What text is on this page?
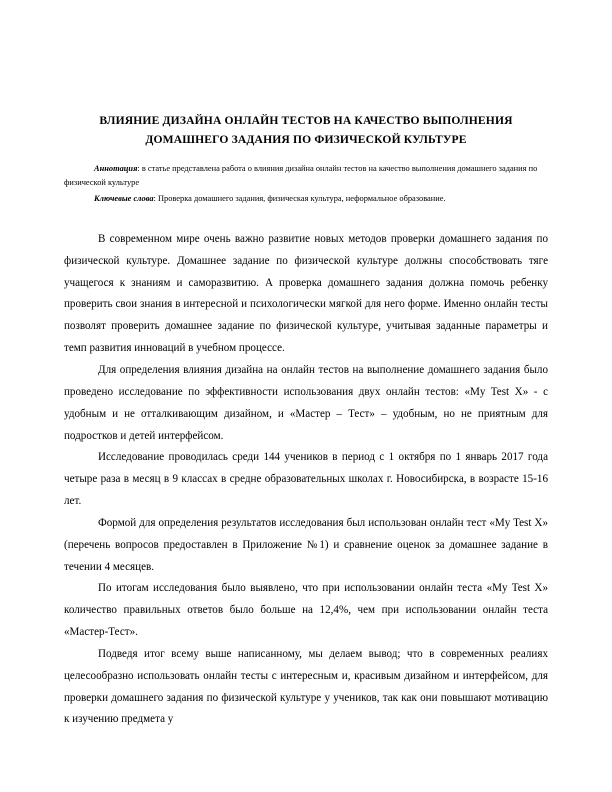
ВЛИЯНИЕ ДИЗАЙНА ОНЛАЙН ТЕСТОВ НА КАЧЕСТВО ВЫПОЛНЕНИЯ
ДОМАШНЕГО ЗАДАНИЯ ПО ФИЗИЧЕСКОЙ КУЛЬТУРЕ

Аннотация: в статье представлена работа о влияния дизайна онлайн тестов на качество выполнения домашнего задания по физической культуре

Ключевые слова: Проверка домашнего задания, физическая культура, неформальное образование.

В современном мире очень важно развитие новых методов проверки домашнего задания по физической культуре. Домашнее задание по физической культуре должны способствовать тяге учащегося к знаниям и саморазвитию. А проверка домашнего задания должна помочь ребенку проверить свои знания в интересной и психологически мягкой для него форме. Именно онлайн тесты позволят проверить домашнее задание по физической культуре, учитывая заданные параметры и темп развития инноваций в учебном процессе.

Для определения влияния дизайна на онлайн тестов на выполнение домашнего задания было проведено исследование по эффективности использования двух онлайн тестов: «My Test X» - с удобным и не отталкивающим дизайном, и «Мастер – Тест» – удобным, но не приятным для подростков и детей интерфейсом.

Исследование проводилась среди 144 учеников в период с 1 октября по 1 январь 2017 года четыре раза в месяц в 9 классах в средне образовательных школах г. Новосибирска, в возрасте 15-16 лет.

Формой для определения результатов исследования был использован онлайн тест «My Test X» (перечень вопросов предоставлен в Приложение №1) и сравнение оценок за домашнее задание в течении 4 месяцев.

По итогам исследования было выявлено, что при использовании онлайн теста «My Test X» количество правильных ответов было больше на 12,4%, чем при использовании онлайн теста «Мастер-Тест».

Подведя итог всему выше написанному, мы делаем вывод; что в современных реалиях целесообразно использовать онлайн тесты с интересным и, красивым дизайном и интерфейсом, для проверки домашнего задания по физической культуре у учеников, так как они повышают мотивацию к изучению предмета у
